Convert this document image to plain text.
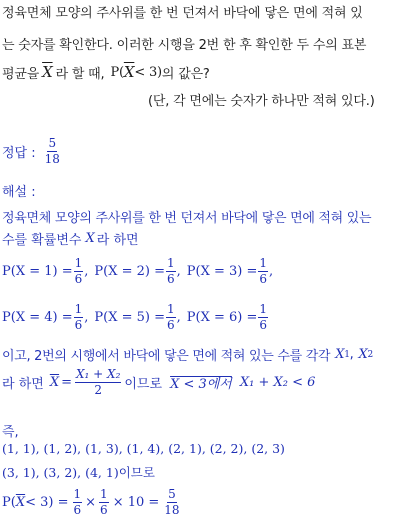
정육면체 모양의 주사위를 한 번 던져서 바닥에 닿은 면에 적혀 있
는 숫자를 확인한다. 이러한 시행을 2번 한 후 확인한 두 수의 표본
평균을 $\overline{X}$ 라 할 때, P( $\overline{X} < 3$) 의 값은?
(단, 각 면에는 숫자가 하나만 적혀 있다.)
정답 : $\frac{5}{18}$
해설 :
정육면체 모양의 주사위를 한 번 던져서 바닥에 닿은 면에 적혀 있는
수를 확률변수 X 라 하면
$P(X = 1) = \frac{1}{6}$ , $P(X = 2) = \frac{1}{6}$ , $P(X = 3) = \frac{1}{6}$ ,
$P(X = 4) = \frac{1}{6}$ , $P(X = 5) = \frac{1}{6}$ , $P(X = 6) = \frac{1}{6}$
이고, 2번의 시행에서 바닥에 닿은 면에 적혀 있는 수를 각각 X 1 , X 2
라 하면 $\overline{X} = \frac{\text{X₁ + X₂}}{2}$ 이므로 X < 3에서 X₁ + X₂ < 6
즉,
(1, 1), (1, 2), (1, 3), (1, 4), (2, 1), (2, 2), (2, 3)
(3, 1), (3, 2), (4, 1)이므로
P( $\overline{X} < 3) = \frac{1}{6} \times \frac{1}{6} \times 10 = \frac{5}{18}$
